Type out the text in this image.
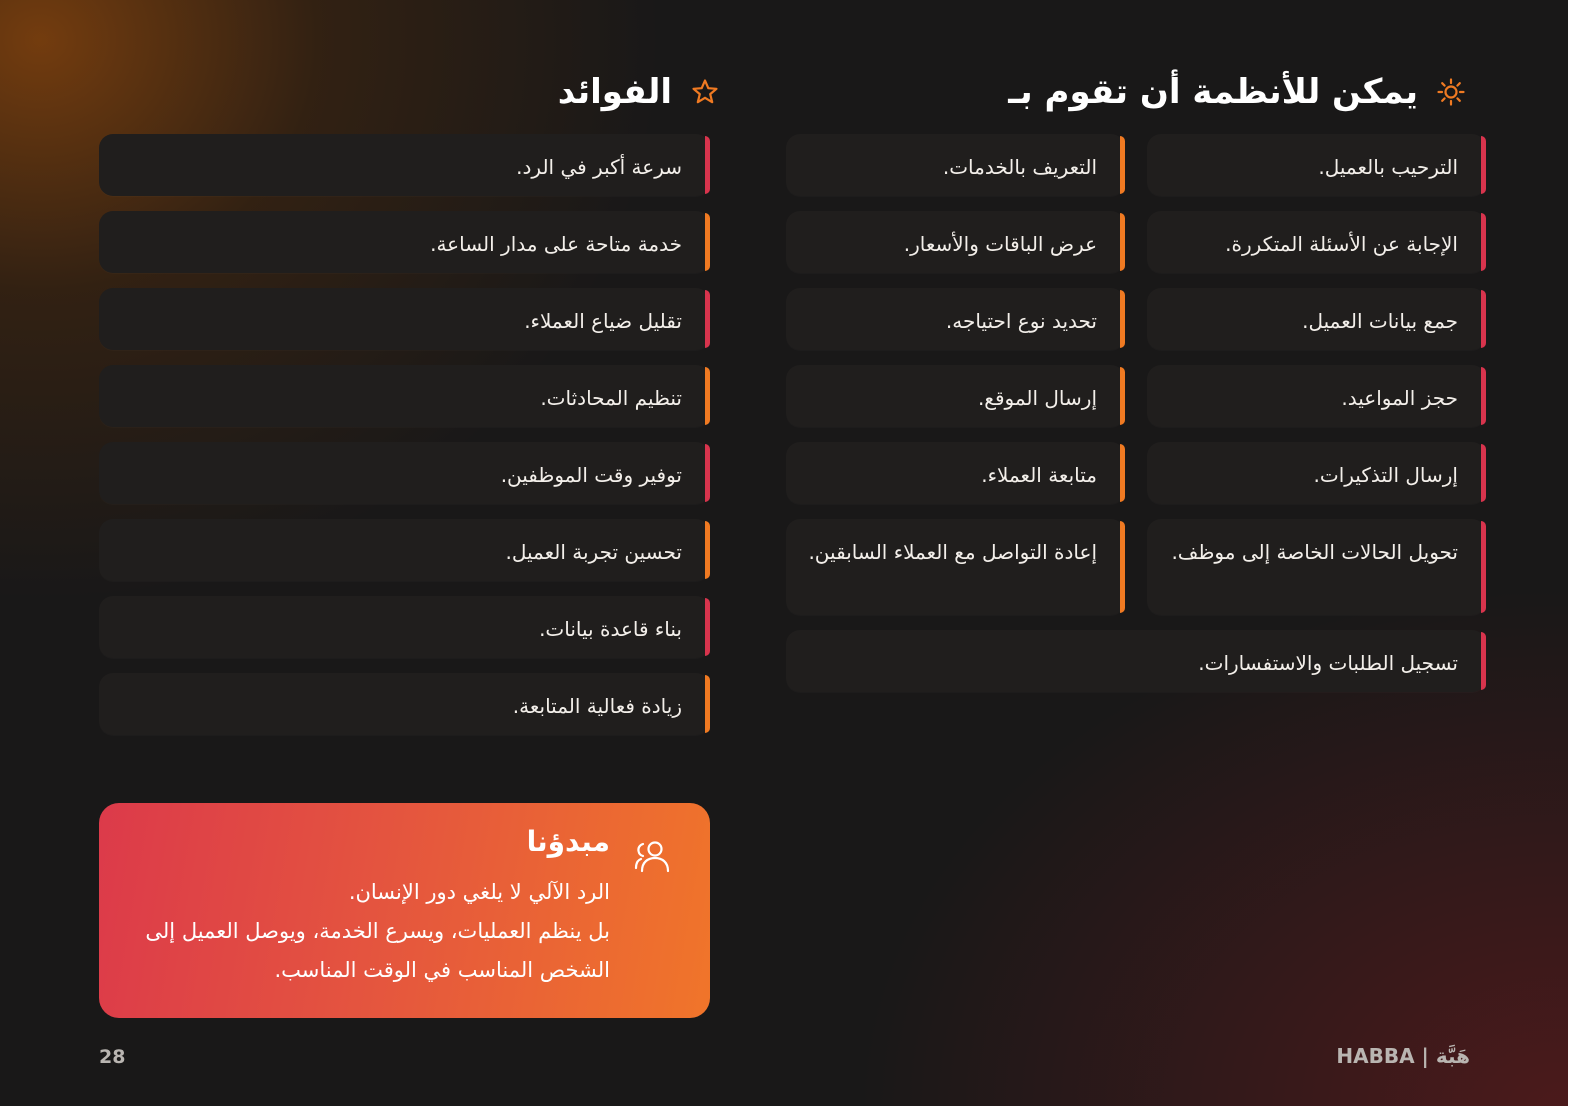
يمكن للأنظمة أن تقوم بـ
الفوائد
الترحيب بالعميل.
التعريف بالخدمات.
الإجابة عن الأسئلة المتكررة.
عرض الباقات والأسعار.
جمع بيانات العميل.
تحديد نوع احتياجه.
حجز المواعيد.
إرسال الموقع.
إرسال التذكيرات.
متابعة العملاء.
تحويل الحالات الخاصة إلى موظف.
إعادة التواصل مع العملاء السابقين.
تسجيل الطلبات والاستفسارات.
سرعة أكبر في الرد.
خدمة متاحة على مدار الساعة.
تقليل ضياع العملاء.
تنظيم المحادثات.
توفير وقت الموظفين.
تحسين تجربة العميل.
بناء قاعدة بيانات.
زيادة فعالية المتابعة.
مبدؤنا
الرد الآلي لا يلغي دور الإنسان.
بل ينظم العمليات، ويسرع الخدمة، ويوصل العميل إلى الشخص المناسب في الوقت المناسب.
HABBA | هَبَّة
28
